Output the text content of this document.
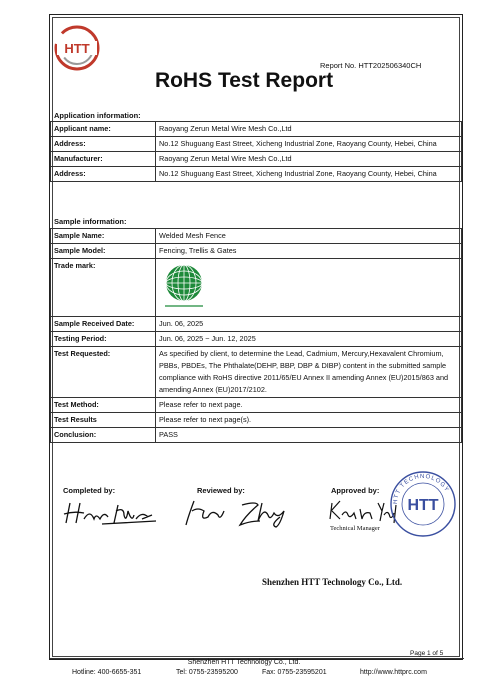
HTT
Report No. HTT202506340CH
RoHS Test Report
Application information:
Applicant name:	Raoyang Zerun Metal Wire Mesh Co.,Ltd
Address:	No.12 Shuguang East Street, Xicheng Industrial Zone, Raoyang County, Hebei, China
Manufacturer:	Raoyang Zerun Metal Wire Mesh Co.,Ltd
Address:	No.12 Shuguang East Street, Xicheng Industrial Zone, Raoyang County, Hebei, China
Sample information:
Sample Name:	Welded Mesh Fence
Sample Model:	Fencing, Trellis & Gates
Trade mark:	

Sample Received Date:	Jun. 06, 2025
Testing Period:	Jun. 06, 2025 ~ Jun. 12, 2025
Test Requested:	As specified by client, to determine the Lead, Cadmium, Mercury,Hexavalent Chromium, PBBs, PBDEs, The Phthalate(DEHP, BBP, DBP & DIBP) content in the submitted sample compliance with RoHS directive 2011/65/EU Annex II amending Annex (EU)2015/863 and amending Annex (EU)2017/2102.
Test Method:	Please refer to next page.
Test Results	Please refer to next page(s).
Conclusion:	PASS
Completed by:	Reviewed by:	Approved by:
Technical Manager
HTT TECHNOLOGY
HTT
Shenzhen HTT Technology Co., Ltd.
Page 1 of 5
Shenzhen HTT Technology Co., Ltd.
Hotline: 400-6655-351	Tel: 0755-23595200	Fax: 0755-23595201	http://www.httprc.com
